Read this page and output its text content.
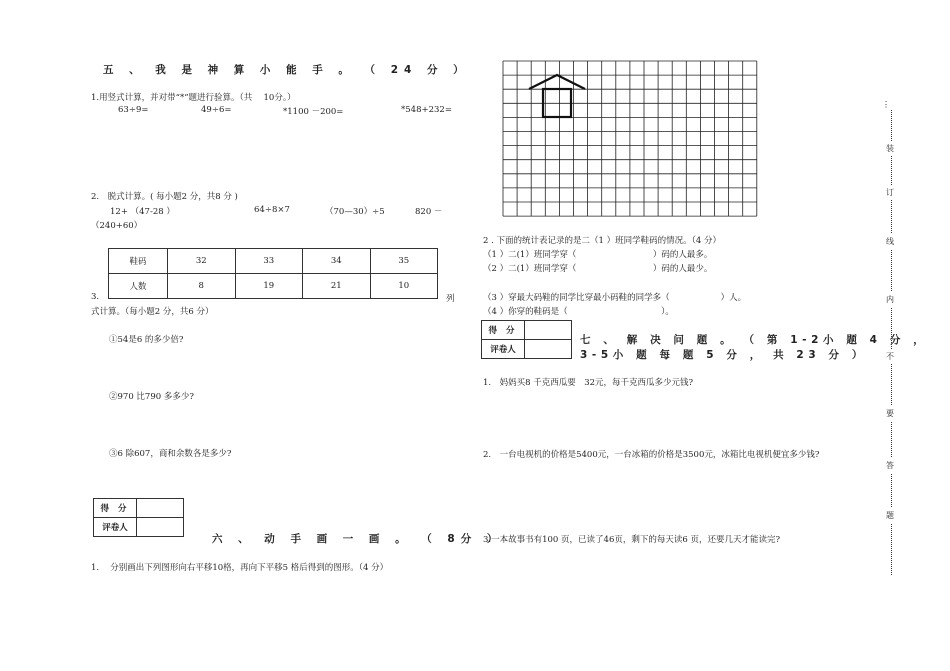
五 、 我 是 神 算 小 能 手 。 （ 24 分 ）
1.用竖式计算，并对带“*”题进行验算。（共　 10分。）
63÷9=	49÷6=	*1100 －200=	*548+232=
2.　脱式计算。( 每小题2 分，共8 分 )
12+ （47-28 ）	64÷8×7	（70—30）÷5	820 －
（240+60）
鞋码	32	33	34	35
人数	8	19	21	10
3.	列
式计算。（每小题2 分，共6 分）
①54是6 的多少倍?
②970 比790 多多少?
③6 除607，商和余数各是多少?
得 分	
评卷人	
六 、 动 手 画 一 画 。 （ 8分 ）
1.　 分别画出下列图形向右平移10格，再向下平移5 格后得到的图形。（4 分）
2 . 下面的统计表记录的是二（1 ）班同学鞋码的情况。（4 分）
（1 ）二(1）班同学穿（　　　　　　　　　）码的人最多。
（2 ）二(1）班同学穿（　　　　　　　　　）码的人最少。
（3 ）穿最大码鞋的同学比穿最小码鞋的同学多（　　　　　　）人。
（4 ）你穿的鞋码是（　　　　　　　　　　　）。
得 分	
评卷人	
七 、 解 决 问 题 。 （ 第 1-2小 题 4 分 ，
3-5小 题 每 题 5 分 ， 共 23 分 ）
1.　妈妈买8 千克西瓜要　32元，每千克西瓜多少元钱?
2.　一台电视机的价格是5400元，一台冰箱的价格是3500元，冰箱比电视机便宜多少钱?
3.一本故事书有100 页，已读了46页，剩下的每天读6 页，还要几天才能读完?
⋮
装
订
线
内
不
要
答
题
